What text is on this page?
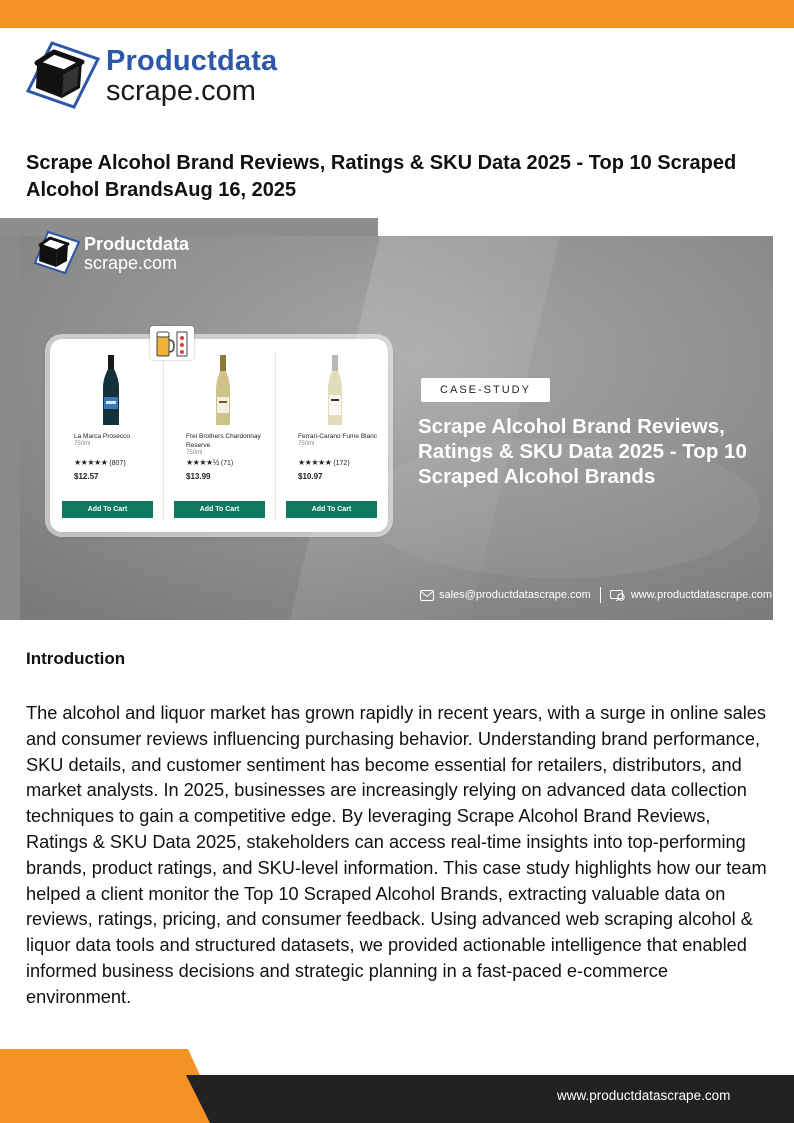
Productdata
scrape.com
Scrape Alcohol Brand Reviews, Ratings & SKU Data 2025 - Top 10 Scraped Alcohol BrandsAug 16, 2025
Productdata
scrape.com
La Marca Prosecco
750ml
★★★★★ (807)
$12.57
Add To Cart
Frei Brothers Chardonnay Reserve
750ml
★★★★½ (71)
$13.99
Add To Cart
Ferrari-Carano Fume Blanc
750ml
★★★★★ (172)
$10.97
Add To Cart
CASE-STUDY
Scrape Alcohol Brand Reviews, Ratings & SKU Data 2025 - Top 10 Scraped Alcohol Brands
sales@productdatascrape.com	www.productdatascrape.com
Introduction

The alcohol and liquor market has grown rapidly in recent years, with a surge in online sales and consumer reviews influencing purchasing behavior. Understanding brand performance, SKU details, and customer sentiment has become essential for retailers, distributors, and market analysts. In 2025, businesses are increasingly relying on advanced data collection techniques to gain a competitive edge. By leveraging Scrape Alcohol Brand Reviews, Ratings & SKU Data 2025, stakeholders can access real-time insights into top-performing brands, product ratings, and SKU-level information. This case study highlights how our team helped a client monitor the Top 10 Scraped Alcohol Brands, extracting valuable data on reviews, ratings, pricing, and consumer feedback. Using advanced web scraping alcohol & liquor data tools and structured datasets, we provided actionable intelligence that enabled informed business decisions and strategic planning in a fast-paced e-commerce environment.

www.productdatascrape.com
